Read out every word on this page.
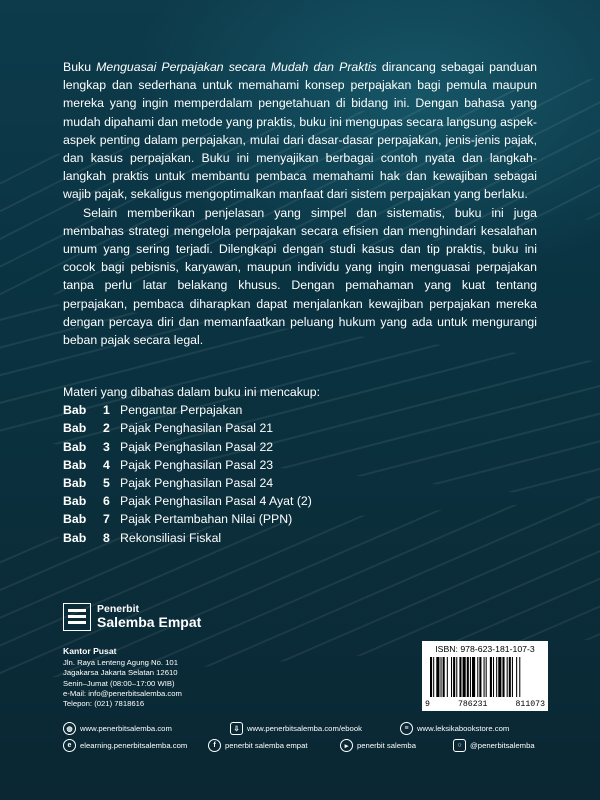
Buku Menguasai Perpajakan secara Mudah dan Praktis dirancang sebagai panduan lengkap dan sederhana untuk memahami konsep perpajakan bagi pemula maupun mereka yang ingin memperdalam pengetahuan di bidang ini. Dengan bahasa yang mudah dipahami dan metode yang praktis, buku ini mengupas secara langsung aspek-aspek penting dalam perpajakan, mulai dari dasar-dasar perpajakan, jenis-jenis pajak, dan kasus perpajakan. Buku ini menyajikan berbagai contoh nyata dan langkah-langkah praktis untuk membantu pembaca memahami hak dan kewajiban sebagai wajib pajak, sekaligus mengoptimalkan manfaat dari sistem perpajakan yang berlaku.

Selain memberikan penjelasan yang simpel dan sistematis, buku ini juga membahas strategi mengelola perpajakan secara efisien dan menghindari kesalahan umum yang sering terjadi. Dilengkapi dengan studi kasus dan tip praktis, buku ini cocok bagi pebisnis, karyawan, maupun individu yang ingin menguasai perpajakan tanpa perlu latar belakang khusus. Dengan pemahaman yang kuat tentang perpajakan, pembaca diharapkan dapat menjalankan kewajiban perpajakan mereka dengan percaya diri dan memanfaatkan peluang hukum yang ada untuk mengurangi beban pajak secara legal.

Materi yang dibahas dalam buku ini mencakup:
Bab	1 Pengantar Perpajakan
Bab	2 Pajak Penghasilan Pasal 21
Bab	3 Pajak Penghasilan Pasal 22
Bab	4 Pajak Penghasilan Pasal 23
Bab	5 Pajak Penghasilan Pasal 24
Bab	6 Pajak Penghasilan Pasal 4 Ayat (2)
Bab	7 Pajak Pertambahan Nilai (PPN)
Bab	8 Rekonsiliasi Fiskal
Penerbit
Salemba Empat
Kantor Pusat
Jln. Raya Lenteng Agung No. 101
Jagakarsa Jakarta Selatan 12610
Senin–Jumat (08:00–17:00 WIB)
e-Mail: info@penerbitsalemba.com
Telepon: (021) 7818616
ISBN: 978-623-181-107-3
9	786231	811073
◍ www.penerbitsalemba.com	⇩ www.penerbitsalemba.com/ebook	≡	www.leksikabookstore.com
e	elearning.penerbitsalemba.com	f	penerbit salemba empat	▸	penerbit salemba	○	@penerbitsalemba
